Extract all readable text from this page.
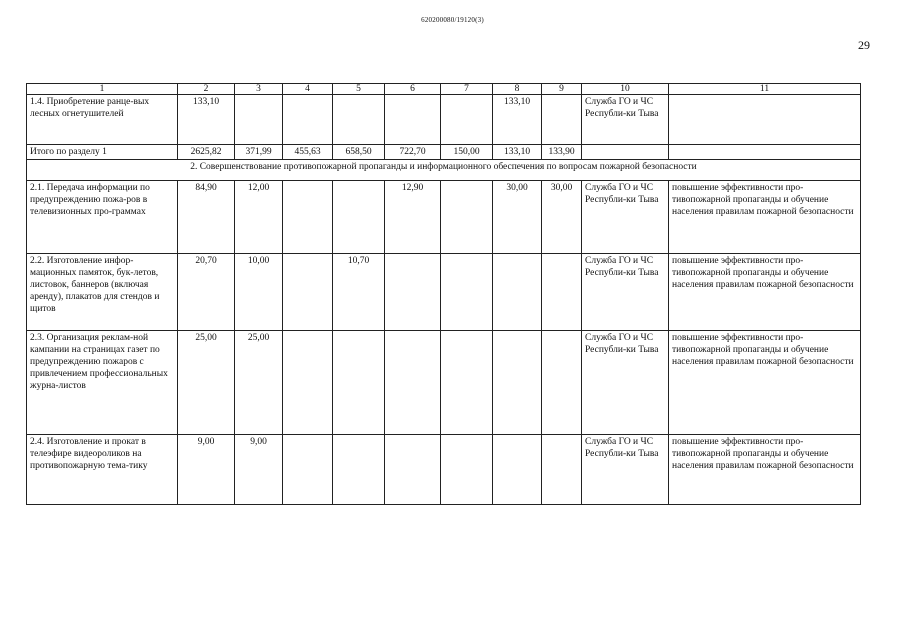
620200080/19120(3)
29
1	2	3	4	5	6	7	8	9	10	11
1.4. Приобретение ранце-вых лесных огнетушителей	133,10						133,10		Служба ГО и ЧС Республи-ки Тыва	
Итого по разделу 1	2625,82	371,99	455,63	658,50	722,70	150,00	133,10	133,90		
2. Совершенствование противопожарной пропаганды и информационного обеспечения по вопросам пожарной безопасности										
2.1. Передача информации по предупреждению пожа-ров в телевизионных про-граммах	84,90	12,00			12,90		30,00	30,00	Служба ГО и ЧС Республи-ки Тыва	повышение эффективности про-тивопожарной пропаганды и обучение населения правилам пожарной безопасности
2.2. Изготовление инфор-мационных памяток, бук-летов, листовок, баннеров (включая аренду), плакатов для стендов и щитов	20,70	10,00		10,70					Служба ГО и ЧС Республи-ки Тыва	повышение эффективности про-тивопожарной пропаганды и обучение населения правилам пожарной безопасности
2.3. Организация реклам-ной кампании на страницах газет по предупреждению пожаров с привлечением профессиональных журна-листов	25,00	25,00							Служба ГО и ЧС Республи-ки Тыва	повышение эффективности про-тивопожарной пропаганды и обучение населения правилам пожарной безопасности
2.4. Изготовление и прокат в телеэфире видеороликов на противопожарную тема-тику	9,00	9,00							Служба ГО и ЧС Республи-ки Тыва	повышение эффективности про-тивопожарной пропаганды и обучение населения правилам пожарной безопасности
